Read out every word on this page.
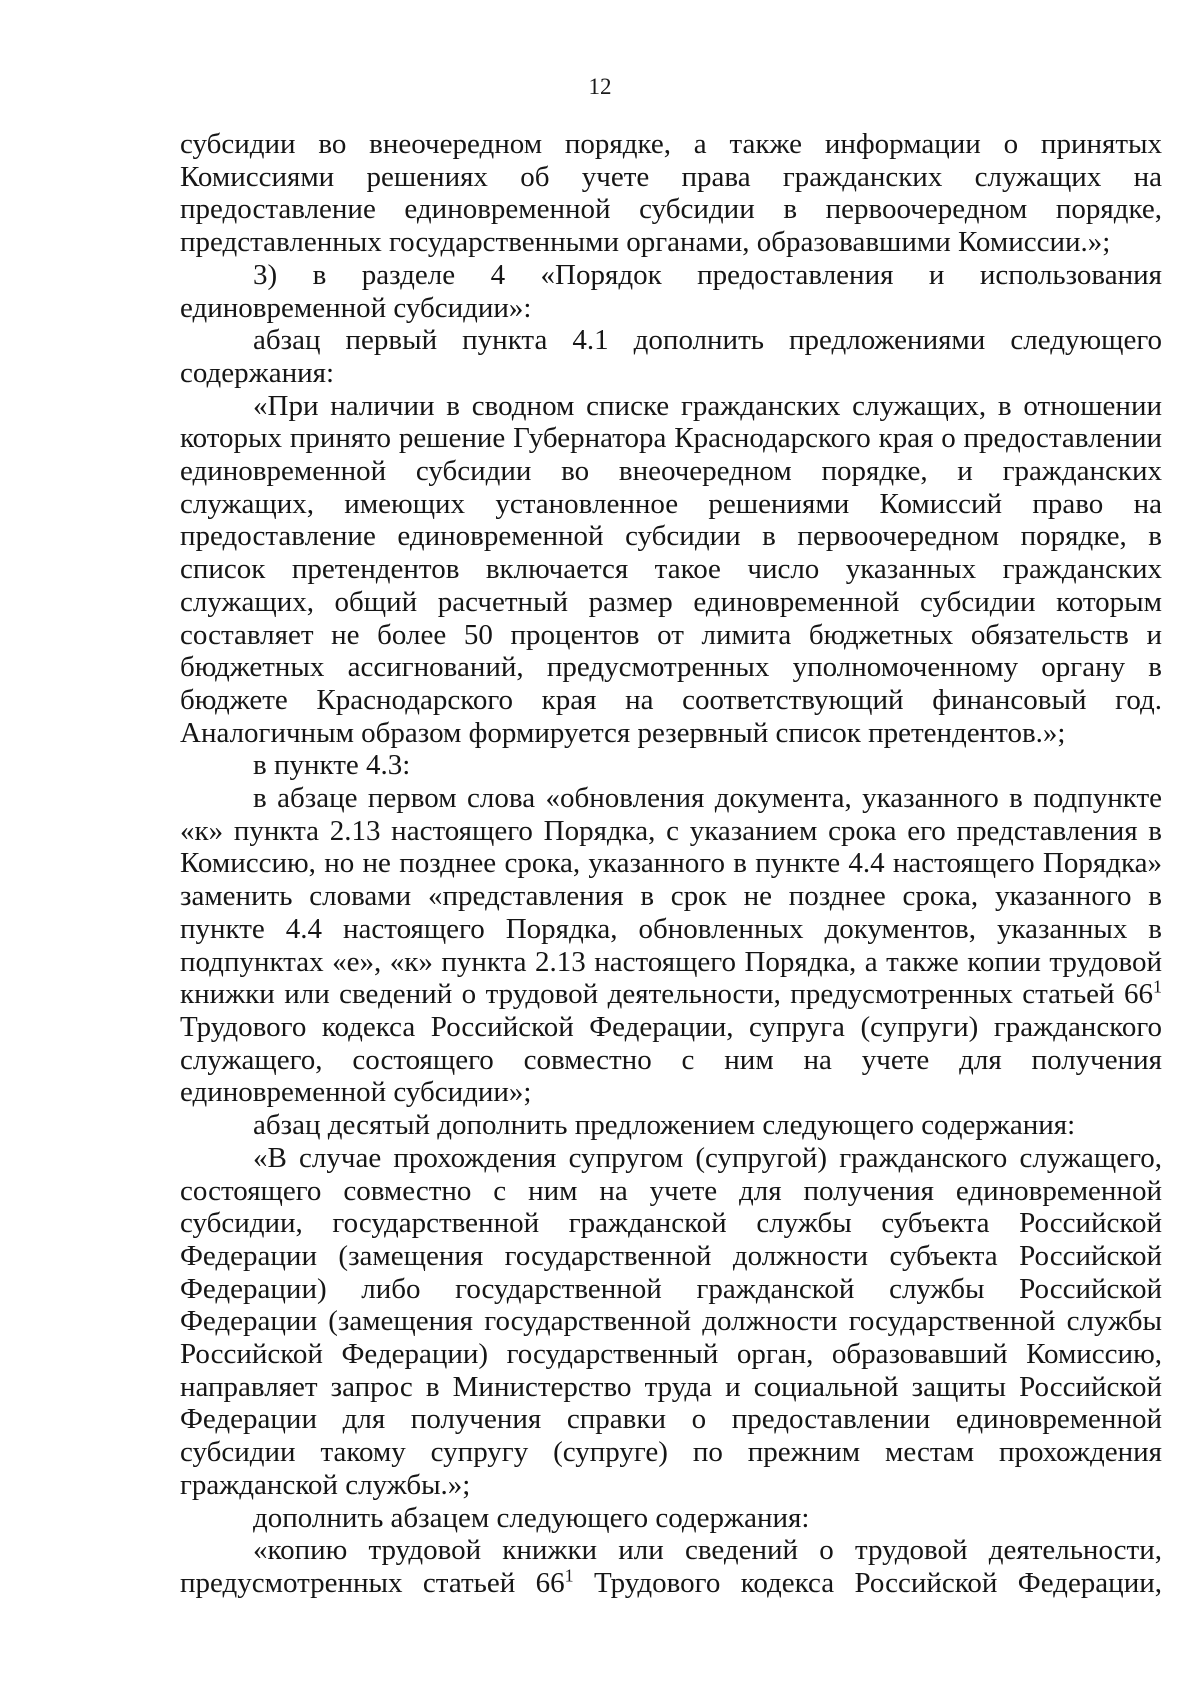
12

субсидии во внеочередном порядке, а также информации о принятых Комиссиями решениях об учете права гражданских служащих на предоставление единовременной субсидии в первоочередном порядке, представленных государственными органами, образовавшими Комиссии.»;

3) в разделе 4 «Порядок предоставления и использования единовременной субсидии»:

абзац первый пункта 4.1 дополнить предложениями следующего содержания:

«При наличии в сводном списке гражданских служащих, в отношении которых принято решение Губернатора Краснодарского края о предоставлении единовременной субсидии во внеочередном порядке, и гражданских служащих, имеющих установленное решениями Комиссий право на предоставление единовременной субсидии в первоочередном порядке, в список претендентов включается такое число указанных гражданских служащих, общий расчетный размер единовременной субсидии которым составляет не более 50 процентов от лимита бюджетных обязательств и бюджетных ассигнований, предусмотренных уполномоченному органу в бюджете Краснодарского края на соответствующий финансовый год. Аналогичным образом формируется резервный список претендентов.»;

в пункте 4.3:

в абзаце первом слова «обновления документа, указанного в подпункте «к» пункта 2.13 настоящего Порядка, с указанием срока его представления в Комиссию, но не позднее срока, указанного в пункте 4.4 настоящего Порядка» заменить словами «представления в срок не позднее срока, указанного в пункте 4.4 настоящего Порядка, обновленных документов, указанных в подпунктах «е», «к» пункта 2.13 настоящего Порядка, а также копии трудовой книжки или сведений о трудовой деятельности, предусмотренных статьей $66^1$ Трудового кодекса Российской Федерации, супруга (супруги) гражданского служащего, состоящего совместно с ним на учете для получения единовременной субсидии»;

абзац десятый дополнить предложением следующего содержания:

«В случае прохождения супругом (супругой) гражданского служащего, состоящего совместно с ним на учете для получения единовременной субсидии, государственной гражданской службы субъекта Российской Федерации (замещения государственной должности субъекта Российской Федерации) либо государственной гражданской службы Российской Федерации (замещения государственной должности государственной службы Российской Федерации) государственный орган, образовавший Комиссию, направляет запрос в Министерство труда и социальной защиты Российской Федерации для получения справки о предоставлении единовременной субсидии такому супругу (супруге) по прежним местам прохождения гражданской службы.»;

дополнить абзацем следующего содержания:

«копию трудовой книжки или сведений о трудовой деятельности, предусмотренных статьей $66^1$ Трудового кодекса Российской Федерации,
